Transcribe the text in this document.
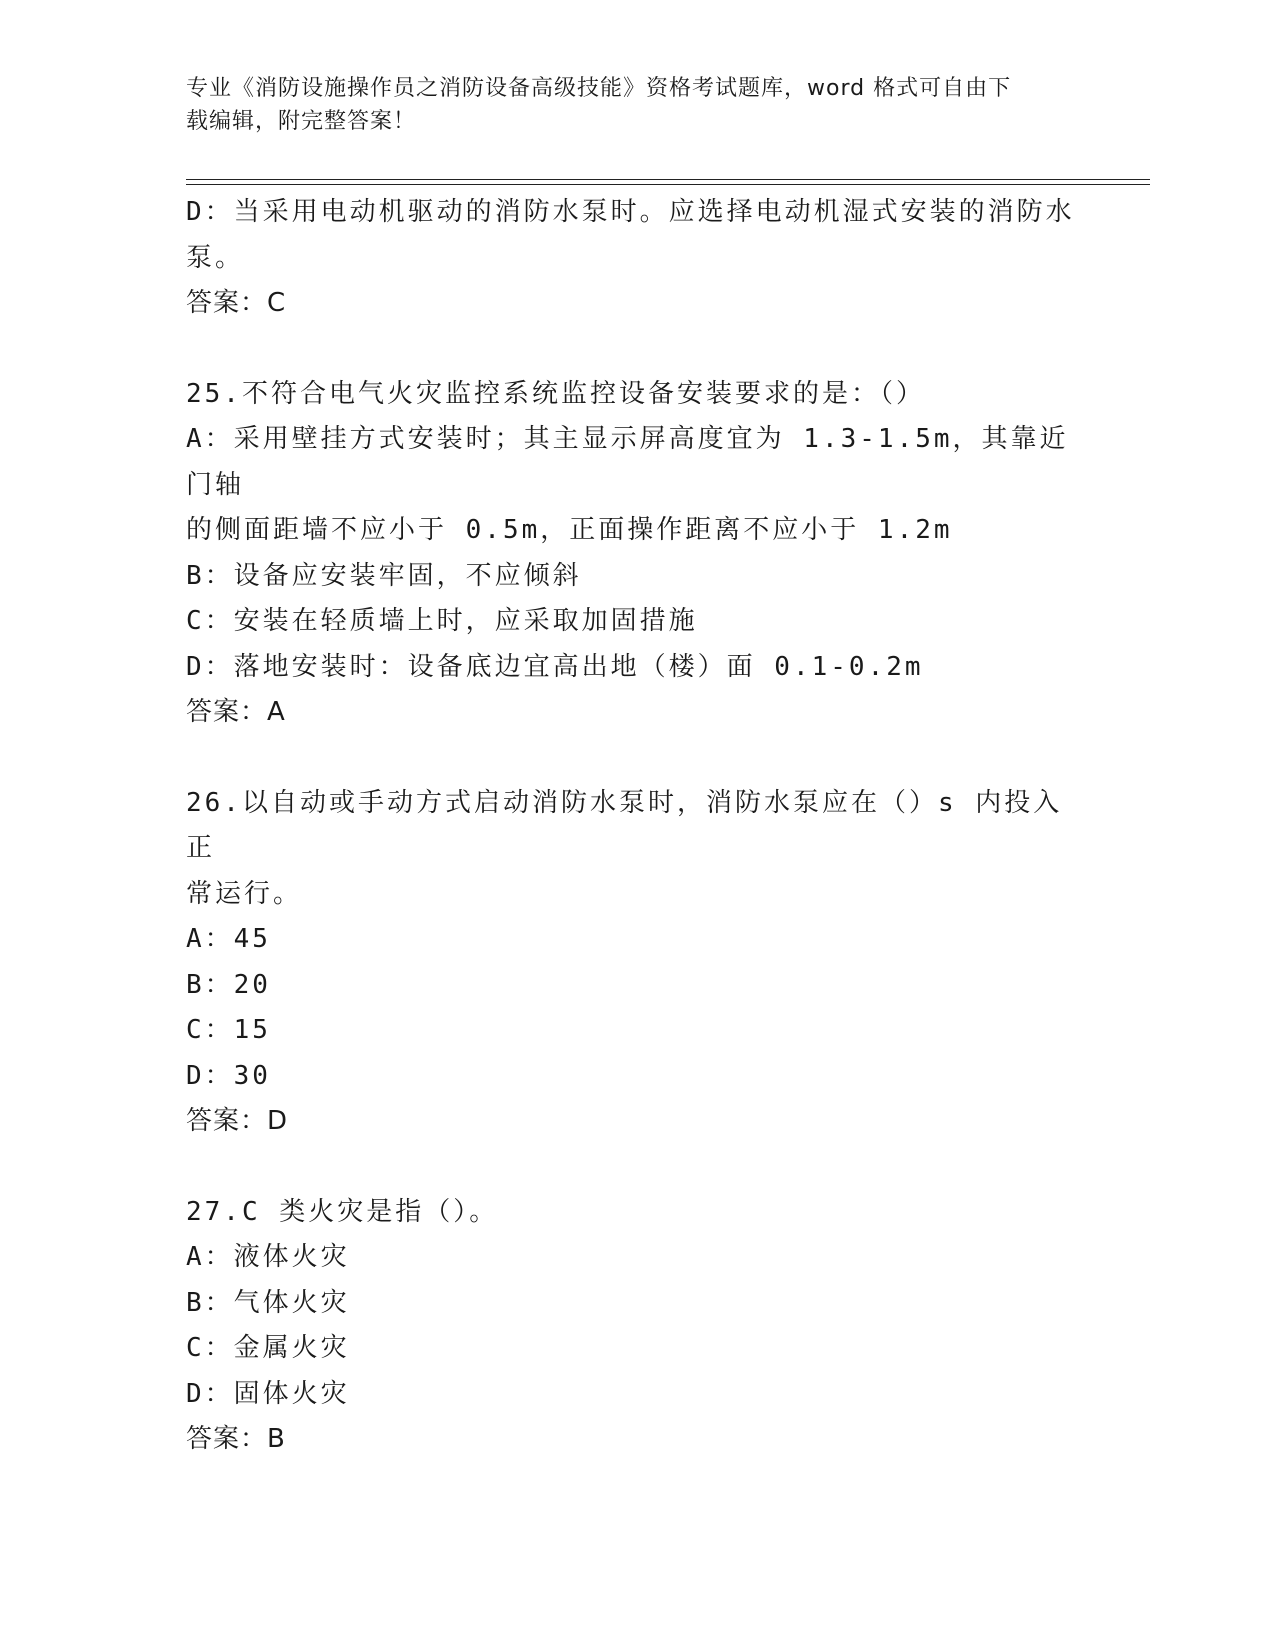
专业《消防设施操作员之消防设备高级技能》资格考试题库，word 格式可自由下
载编辑，附完整答案！
D：当采用电动机驱动的消防水泵时。应选择电动机湿式安装的消防水
泵。
答案：C
25.不符合电气火灾监控系统监控设备安装要求的是：（）
A：采用壁挂方式安装时；其主显示屏高度宜为 1.3-1.5m，其靠近门轴
的侧面距墙不应小于 0.5m，正面操作距离不应小于 1.2m
B：设备应安装牢固，不应倾斜
C：安装在轻质墙上时，应采取加固措施
D：落地安装时：设备底边宜高出地（楼）面 0.1-0.2m
答案：A
26.以自动或手动方式启动消防水泵时，消防水泵应在（）s 内投入正
常运行。
A：45
B：20
C：15
D：30
答案：D
27.C 类火灾是指（）。
A：液体火灾
B：气体火灾
C：金属火灾
D：固体火灾
答案：B
